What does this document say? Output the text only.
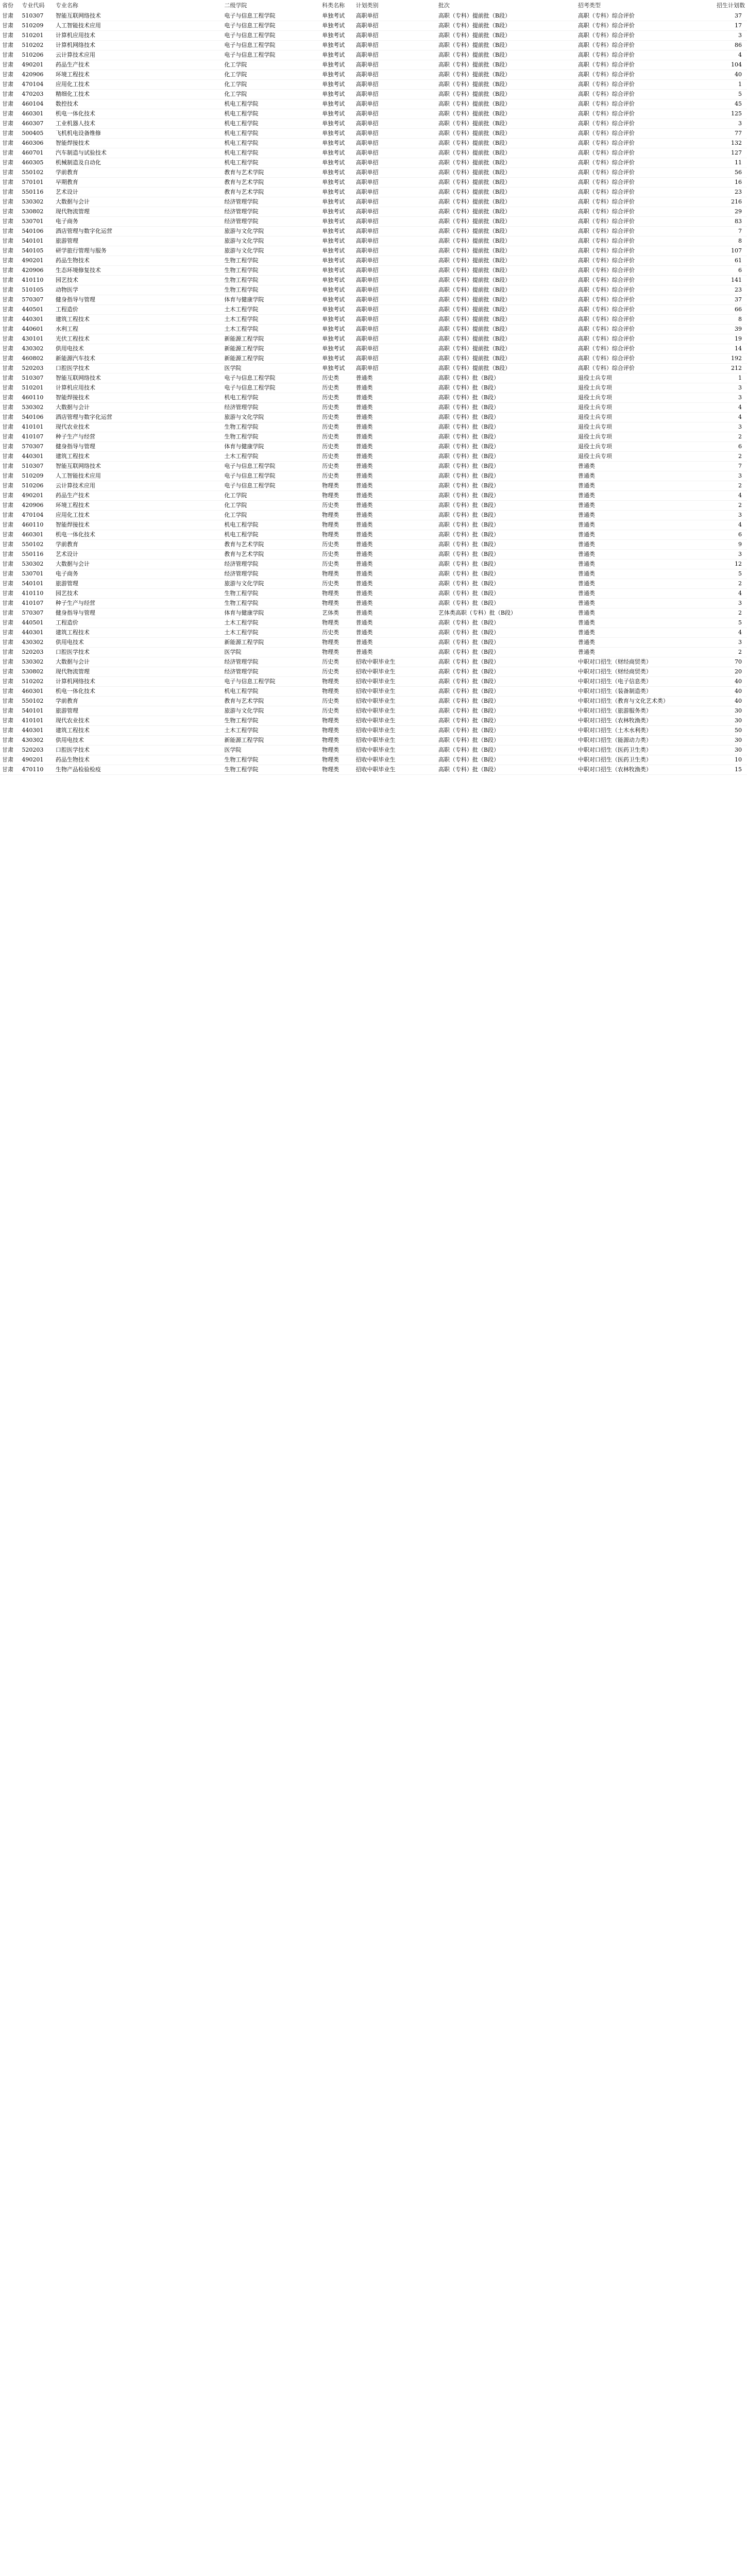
省份	专业代码	专业名称	二级学院	科类名称	计划类别	批次	招考类型	招生计划数
甘肃	510307	智能互联网络技术	电子与信息工程学院	单独考试	高职单招	高职（专科）提前批（B段）	高职（专科）综合评价	37
甘肃	510209	人工智能技术应用	电子与信息工程学院	单独考试	高职单招	高职（专科）提前批（B段）	高职（专科）综合评价	17
甘肃	510201	计算机应用技术	电子与信息工程学院	单独考试	高职单招	高职（专科）提前批（B段）	高职（专科）综合评价	3
甘肃	510202	计算机网络技术	电子与信息工程学院	单独考试	高职单招	高职（专科）提前批（B段）	高职（专科）综合评价	86
甘肃	510206	云计算技术应用	电子与信息工程学院	单独考试	高职单招	高职（专科）提前批（B段）	高职（专科）综合评价	4
甘肃	490201	药品生产技术	化工学院	单独考试	高职单招	高职（专科）提前批（B段）	高职（专科）综合评价	104
甘肃	420906	环境工程技术	化工学院	单独考试	高职单招	高职（专科）提前批（B段）	高职（专科）综合评价	40
甘肃	470104	应用化工技术	化工学院	单独考试	高职单招	高职（专科）提前批（B段）	高职（专科）综合评价	1
甘肃	470203	精细化工技术	化工学院	单独考试	高职单招	高职（专科）提前批（B段）	高职（专科）综合评价	5
甘肃	460104	数控技术	机电工程学院	单独考试	高职单招	高职（专科）提前批（B段）	高职（专科）综合评价	45
甘肃	460301	机电一体化技术	机电工程学院	单独考试	高职单招	高职（专科）提前批（B段）	高职（专科）综合评价	125
甘肃	460307	工业机器人技术	机电工程学院	单独考试	高职单招	高职（专科）提前批（B段）	高职（专科）综合评价	3
甘肃	500405	飞机机电设备维修	机电工程学院	单独考试	高职单招	高职（专科）提前批（B段）	高职（专科）综合评价	77
甘肃	460306	智能焊接技术	机电工程学院	单独考试	高职单招	高职（专科）提前批（B段）	高职（专科）综合评价	132
甘肃	460701	汽车制造与试验技术	机电工程学院	单独考试	高职单招	高职（专科）提前批（B段）	高职（专科）综合评价	127
甘肃	460305	机械制造及自动化	机电工程学院	单独考试	高职单招	高职（专科）提前批（B段）	高职（专科）综合评价	11
甘肃	550102	学前教育	教育与艺术学院	单独考试	高职单招	高职（专科）提前批（B段）	高职（专科）综合评价	56
甘肃	570101	早期教育	教育与艺术学院	单独考试	高职单招	高职（专科）提前批（B段）	高职（专科）综合评价	16
甘肃	550116	艺术设计	教育与艺术学院	单独考试	高职单招	高职（专科）提前批（B段）	高职（专科）综合评价	23
甘肃	530302	大数据与会计	经济管理学院	单独考试	高职单招	高职（专科）提前批（B段）	高职（专科）综合评价	216
甘肃	530802	现代物流管理	经济管理学院	单独考试	高职单招	高职（专科）提前批（B段）	高职（专科）综合评价	29
甘肃	530701	电子商务	经济管理学院	单独考试	高职单招	高职（专科）提前批（B段）	高职（专科）综合评价	83
甘肃	540106	酒店管理与数字化运营	旅游与文化学院	单独考试	高职单招	高职（专科）提前批（B段）	高职（专科）综合评价	7
甘肃	540101	旅游管理	旅游与文化学院	单独考试	高职单招	高职（专科）提前批（B段）	高职（专科）综合评价	8
甘肃	540105	研学旅行管理与服务	旅游与文化学院	单独考试	高职单招	高职（专科）提前批（B段）	高职（专科）综合评价	107
甘肃	490201	药品生物技术	生物工程学院	单独考试	高职单招	高职（专科）提前批（B段）	高职（专科）综合评价	61
甘肃	420906	生态环境修复技术	生物工程学院	单独考试	高职单招	高职（专科）提前批（B段）	高职（专科）综合评价	6
甘肃	410110	园艺技术	生物工程学院	单独考试	高职单招	高职（专科）提前批（B段）	高职（专科）综合评价	141
甘肃	510105	动物医学	生物工程学院	单独考试	高职单招	高职（专科）提前批（B段）	高职（专科）综合评价	23
甘肃	570307	健身指导与管理	体育与健康学院	单独考试	高职单招	高职（专科）提前批（B段）	高职（专科）综合评价	37
甘肃	440501	工程造价	土木工程学院	单独考试	高职单招	高职（专科）提前批（B段）	高职（专科）综合评价	66
甘肃	440301	建筑工程技术	土木工程学院	单独考试	高职单招	高职（专科）提前批（B段）	高职（专科）综合评价	8
甘肃	440601	水利工程	土木工程学院	单独考试	高职单招	高职（专科）提前批（B段）	高职（专科）综合评价	39
甘肃	430101	光伏工程技术	新能源工程学院	单独考试	高职单招	高职（专科）提前批（B段）	高职（专科）综合评价	19
甘肃	430302	供用电技术	新能源工程学院	单独考试	高职单招	高职（专科）提前批（B段）	高职（专科）综合评价	14
甘肃	460802	新能源汽车技术	新能源工程学院	单独考试	高职单招	高职（专科）提前批（B段）	高职（专科）综合评价	192
甘肃	520203	口腔医学技术	医学院	单独考试	高职单招	高职（专科）提前批（B段）	高职（专科）综合评价	212
甘肃	510307	智能互联网络技术	电子与信息工程学院	历史类	普通类	高职（专科）批（B段）	退役士兵专项	1
甘肃	510201	计算机应用技术	电子与信息工程学院	历史类	普通类	高职（专科）批（B段）	退役士兵专项	3
甘肃	460110	智能焊接技术	机电工程学院	历史类	普通类	高职（专科）批（B段）	退役士兵专项	3
甘肃	530302	大数据与会计	经济管理学院	历史类	普通类	高职（专科）批（B段）	退役士兵专项	4
甘肃	540106	酒店管理与数字化运营	旅游与文化学院	历史类	普通类	高职（专科）批（B段）	退役士兵专项	4
甘肃	410101	现代农业技术	生物工程学院	历史类	普通类	高职（专科）批（B段）	退役士兵专项	3
甘肃	410107	种子生产与经营	生物工程学院	历史类	普通类	高职（专科）批（B段）	退役士兵专项	2
甘肃	570307	健身指导与管理	体育与健康学院	历史类	普通类	高职（专科）批（B段）	退役士兵专项	6
甘肃	440301	建筑工程技术	土木工程学院	历史类	普通类	高职（专科）批（B段）	退役士兵专项	2
甘肃	510307	智能互联网络技术	电子与信息工程学院	历史类	普通类	高职（专科）批（B段）	普通类	7
甘肃	510209	人工智能技术应用	电子与信息工程学院	历史类	普通类	高职（专科）批（B段）	普通类	3
甘肃	510206	云计算技术应用	电子与信息工程学院	物理类	普通类	高职（专科）批（B段）	普通类	2
甘肃	490201	药品生产技术	化工学院	物理类	普通类	高职（专科）批（B段）	普通类	4
甘肃	420906	环境工程技术	化工学院	历史类	普通类	高职（专科）批（B段）	普通类	2
甘肃	470104	应用化工技术	化工学院	物理类	普通类	高职（专科）批（B段）	普通类	3
甘肃	460110	智能焊接技术	机电工程学院	物理类	普通类	高职（专科）批（B段）	普通类	4
甘肃	460301	机电一体化技术	机电工程学院	物理类	普通类	高职（专科）批（B段）	普通类	6
甘肃	550102	学前教育	教育与艺术学院	历史类	普通类	高职（专科）批（B段）	普通类	9
甘肃	550116	艺术设计	教育与艺术学院	历史类	普通类	高职（专科）批（B段）	普通类	3
甘肃	530302	大数据与会计	经济管理学院	历史类	普通类	高职（专科）批（B段）	普通类	12
甘肃	530701	电子商务	经济管理学院	物理类	普通类	高职（专科）批（B段）	普通类	5
甘肃	540101	旅游管理	旅游与文化学院	历史类	普通类	高职（专科）批（B段）	普通类	2
甘肃	410110	园艺技术	生物工程学院	物理类	普通类	高职（专科）批（B段）	普通类	4
甘肃	410107	种子生产与经营	生物工程学院	物理类	普通类	高职（专科）批（B段）	普通类	3
甘肃	570307	健身指导与管理	体育与健康学院	艺体类	普通类	艺体类高职（专科）批（B段）	普通类	2
甘肃	440501	工程造价	土木工程学院	物理类	普通类	高职（专科）批（B段）	普通类	5
甘肃	440301	建筑工程技术	土木工程学院	历史类	普通类	高职（专科）批（B段）	普通类	4
甘肃	430302	供用电技术	新能源工程学院	物理类	普通类	高职（专科）批（B段）	普通类	3
甘肃	520203	口腔医学技术	医学院	物理类	普通类	高职（专科）批（B段）	普通类	2
甘肃	530302	大数据与会计	经济管理学院	历史类	招收中职毕业生	高职（专科）批（B段）	中职对口招生（财经商贸类）	70
甘肃	530802	现代物流管理	经济管理学院	历史类	招收中职毕业生	高职（专科）批（B段）	中职对口招生（财经商贸类）	20
甘肃	510202	计算机网络技术	电子与信息工程学院	物理类	招收中职毕业生	高职（专科）批（B段）	中职对口招生（电子信息类）	40
甘肃	460301	机电一体化技术	机电工程学院	物理类	招收中职毕业生	高职（专科）批（B段）	中职对口招生（装备制造类）	40
甘肃	550102	学前教育	教育与艺术学院	历史类	招收中职毕业生	高职（专科）批（B段）	中职对口招生（教育与文化艺术类）	40
甘肃	540101	旅游管理	旅游与文化学院	历史类	招收中职毕业生	高职（专科）批（B段）	中职对口招生（旅游服务类）	30
甘肃	410101	现代农业技术	生物工程学院	物理类	招收中职毕业生	高职（专科）批（B段）	中职对口招生（农林牧渔类）	30
甘肃	440301	建筑工程技术	土木工程学院	物理类	招收中职毕业生	高职（专科）批（B段）	中职对口招生（土木水利类）	50
甘肃	430302	供用电技术	新能源工程学院	物理类	招收中职毕业生	高职（专科）批（B段）	中职对口招生（能源动力类）	30
甘肃	520203	口腔医学技术	医学院	物理类	招收中职毕业生	高职（专科）批（B段）	中职对口招生（医药卫生类）	30
甘肃	490201	药品生物技术	生物工程学院	物理类	招收中职毕业生	高职（专科）批（B段）	中职对口招生（医药卫生类）	10
甘肃	470110	生物产品检验检疫	生物工程学院	物理类	招收中职毕业生	高职（专科）批（B段）	中职对口招生（农林牧渔类）	15
